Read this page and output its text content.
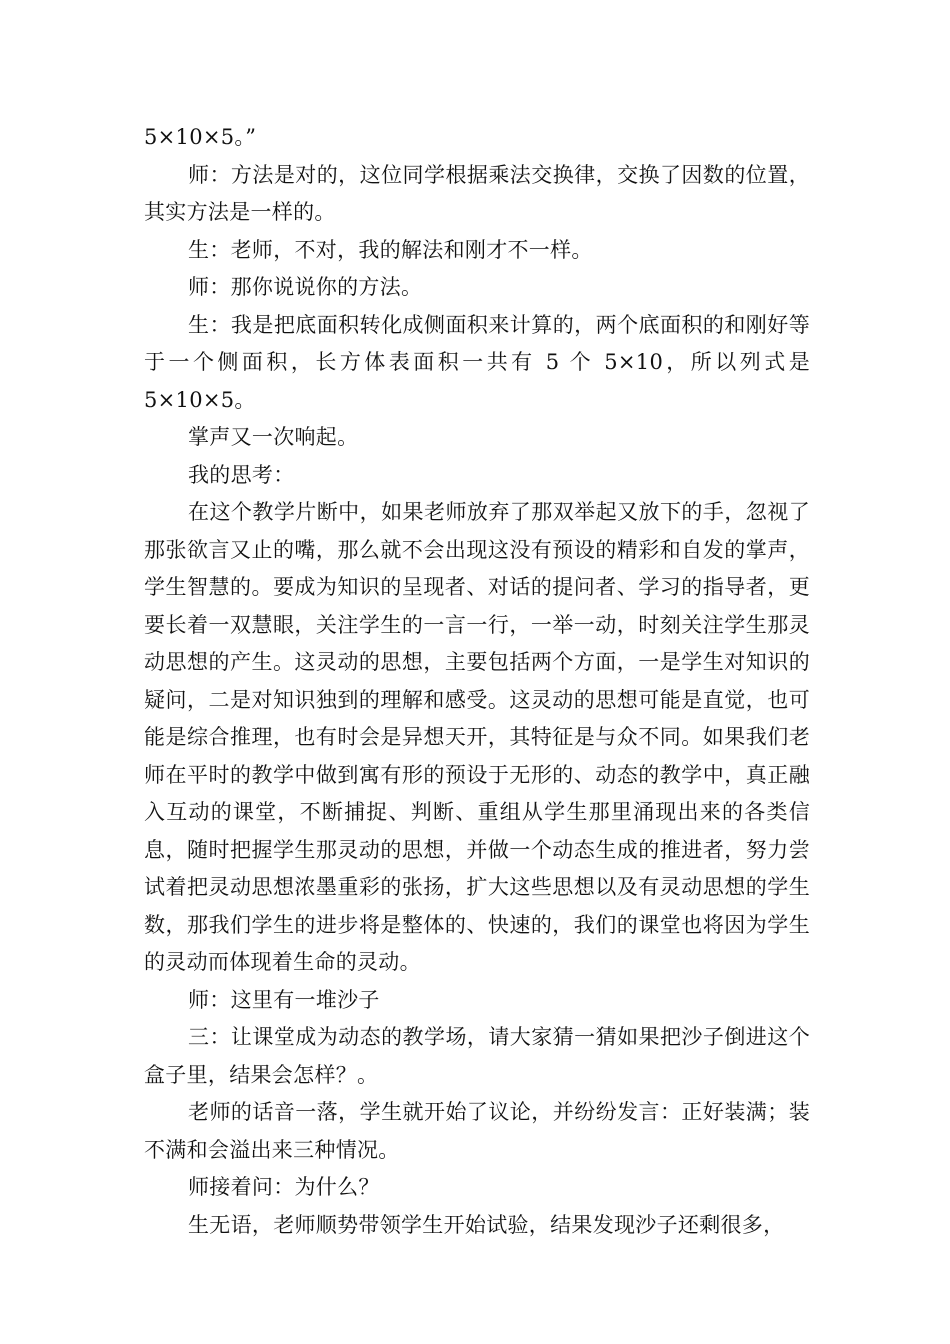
5×10×5。”

师：方法是对的，这位同学根据乘法交换律，交换了因数的位置，其实方法是一样的。

生：老师，不对，我的解法和刚才不一样。

师：那你说说你的方法。

生：我是把底面积转化成侧面积来计算的，两个底面积的和刚好等于一个侧面积，长方体表面积一共有 5 个 5×10，所以列式是 5×10×5。

掌声又一次响起。

我的思考：

在这个教学片断中，如果老师放弃了那双举起又放下的手，忽视了那张欲言又止的嘴，那么就不会出现这没有预设的精彩和自发的掌声，学生智慧的。要成为知识的呈现者、对话的提问者、学习的指导者，更要长着一双慧眼，关注学生的一言一行，一举一动，时刻关注学生那灵动思想的产生。这灵动的思想，主要包括两个方面，一是学生对知识的疑问，二是对知识独到的理解和感受。这灵动的思想可能是直觉，也可能是综合推理，也有时会是异想天开，其特征是与众不同。如果我们老师在平时的教学中做到寓有形的预设于无形的、动态的教学中，真正融入互动的课堂，不断捕捉、判断、重组从学生那里涌现出来的各类信息，随时把握学生那灵动的思想，并做一个动态生成的推进者，努力尝试着把灵动思想浓墨重彩的张扬，扩大这些思想以及有灵动思想的学生数，那我们学生的进步将是整体的、快速的，我们的课堂也将因为学生的灵动而体现着生命的灵动。

师：这里有一堆沙子

三：让课堂成为动态的教学场，请大家猜一猜如果把沙子倒进这个盒子里，结果会怎样？。

老师的话音一落，学生就开始了议论，并纷纷发言：正好装满；装不满和会溢出来三种情况。

师接着问：为什么？

生无语，老师顺势带领学生开始试验，结果发现沙子还剩很多，
